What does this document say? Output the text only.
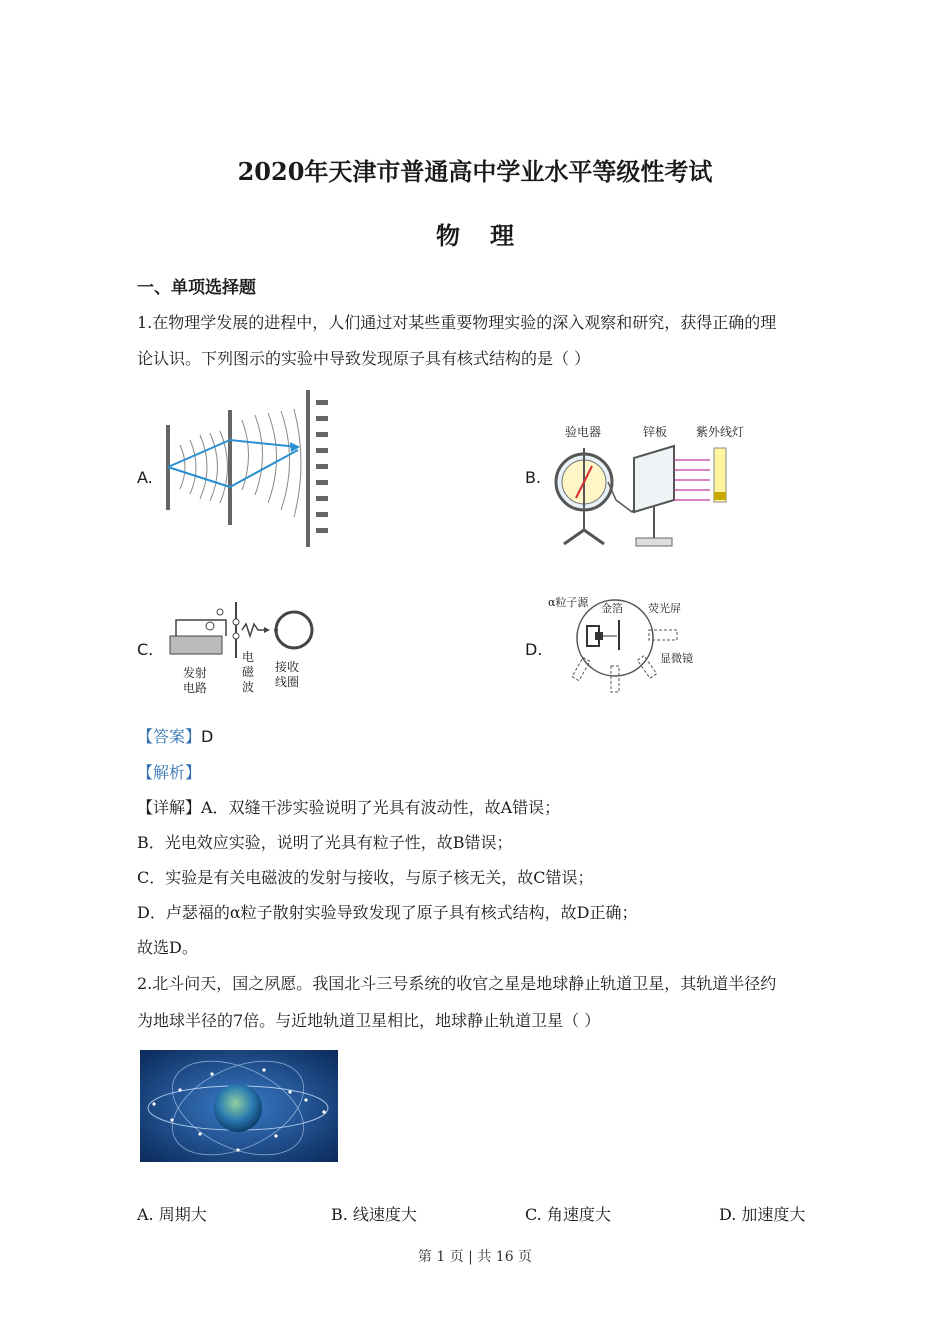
2020年天津市普通高中学业水平等级性考试
物理
一、单项选择题
1.在物理学发展的进程中，人们通过对某些重要物理实验的深入观察和研究，获得正确的理
论认识。下列图示的实验中导致发现原子具有核式结构的是（ ）
A.	B.
验电器	锌板 紫外线灯
C.
发射电路
电磁波
接收线圈
D.
α粒子源 金箔 荧光屏
显微镜
【答案】D
【解析】
【详解】A．双缝干涉实验说明了光具有波动性，故A错误；
B．光电效应实验，说明了光具有粒子性，故B错误；
C．实验是有关电磁波的发射与接收，与原子核无关，故C错误；
D．卢瑟福的α粒子散射实验导致发现了原子具有核式结构，故D正确；
故选D。
2.北斗问天，国之夙愿。我国北斗三号系统的收官之星是地球静止轨道卫星，其轨道半径约
为地球半径的7倍。与近地轨道卫星相比，地球静止轨道卫星（ ）
A. 周期大	B. 线速度大	C. 角速度大	D. 加速度大
第 1 页 | 共 16 页
